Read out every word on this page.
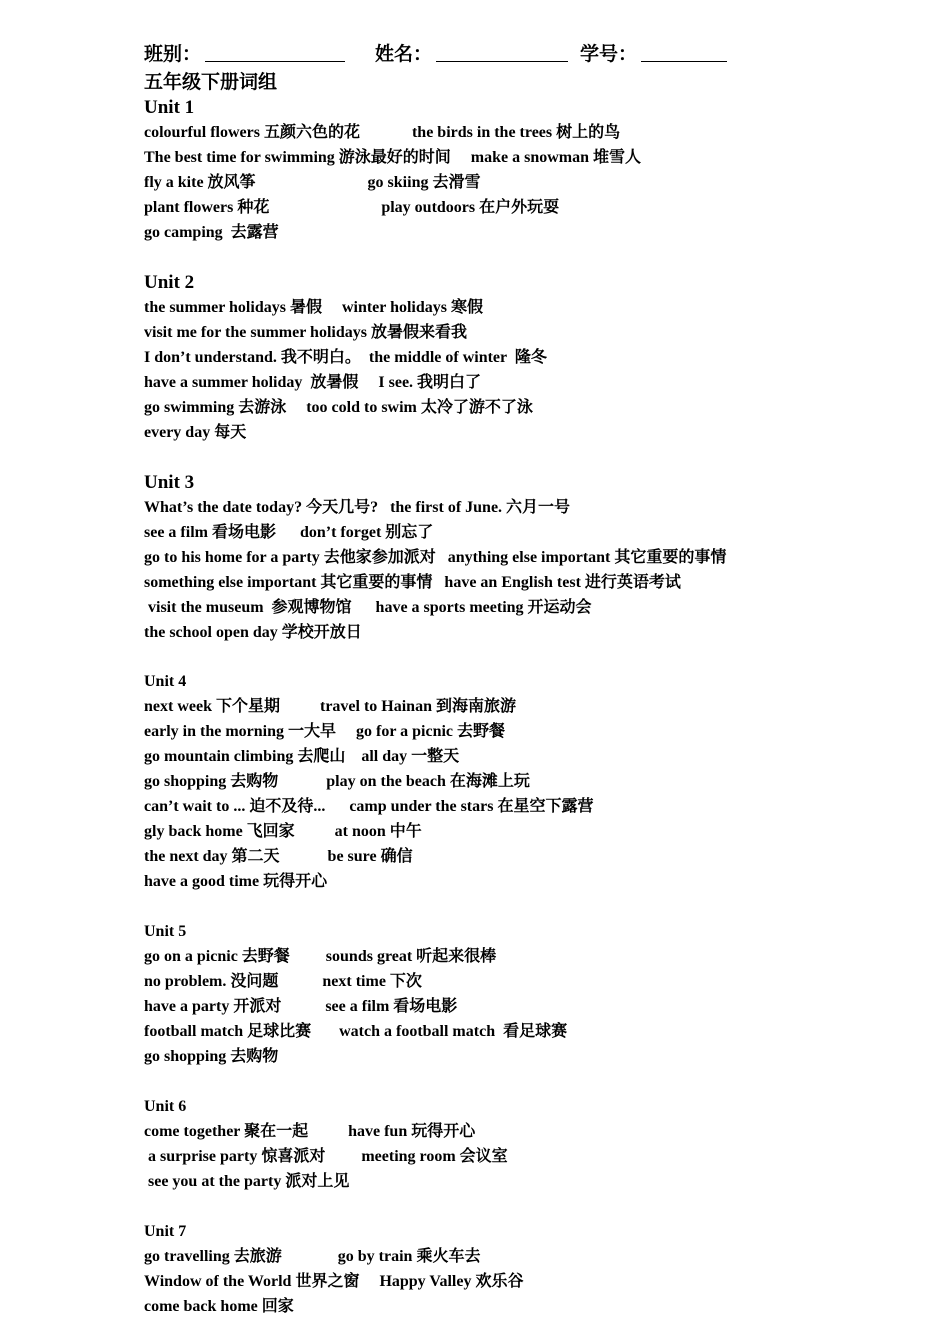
班别：	姓名：	学号：
五年级下册词组
Unit 1
colourful flowers 五颜六色的花             the birds in the trees 树上的鸟
The best time for swimming 游泳最好的时间     make a snowman 堆雪人
fly a kite 放风筝                            go skiing 去滑雪
plant flowers 种花                            play outdoors 在户外玩耍
go camping  去露营
Unit 2
the summer holidays 暑假     winter holidays 寒假
visit me for the summer holidays 放暑假来看我
I don’t understand. 我不明白。  the middle of winter  隆冬
have a summer holiday  放暑假     I see. 我明白了
go swimming 去游泳     too cold to swim 太冷了游不了泳
every day 每天
Unit 3
What’s the date today? 今天几号?   the first of June. 六月一号
see a film 看场电影      don’t forget 别忘了
go to his home for a party 去他家参加派对   anything else important 其它重要的事情
something else important 其它重要的事情   have an English test 进行英语考试
visit the museum  参观博物馆      have a sports meeting 开运动会
the school open day 学校开放日
Unit 4
next week 下个星期          travel to Hainan 到海南旅游
early in the morning 一大早     go for a picnic 去野餐
go mountain climbing 去爬山    all day 一整天
go shopping 去购物            play on the beach 在海滩上玩
can’t wait to ... 迫不及待...      camp under the stars 在星空下露营
gly back home 飞回家          at noon 中午
the next day 第二天            be sure 确信
have a good time 玩得开心
Unit 5
go on a picnic 去野餐         sounds great 听起来很棒
no problem. 没问题           next time 下次
have a party 开派对           see a film 看场电影
football match 足球比赛       watch a football match  看足球赛
go shopping 去购物
Unit 6
come together 聚在一起          have fun 玩得开心
a surprise party 惊喜派对         meeting room 会议室
see you at the party 派对上见
Unit 7
go travelling 去旅游              go by train 乘火车去
Window of the World 世界之窗     Happy Valley 欢乐谷
come back home 回家
